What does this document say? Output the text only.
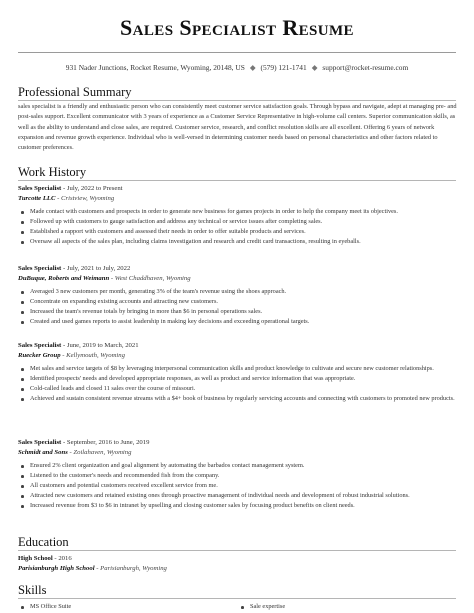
Sales Specialist Resume
931 Nader Junctions, Rocket Resume, Wyoming, 20148, US ◆ (579) 121-1741 ◆ support@rocket-resume.com
Professional Summary
sales specialist is a friendly and enthusiastic person who can consistently meet customer service satisfaction goals. Through bypass and navigate, adept at managing pre- and post-sales support. Excellent communicator with 3 years of experience as a Customer Service Representative in high-volume call centers. Superior communication skills, as well as the ability to understand and close sales, are required. Customer service, research, and conflict resolution skills are all excellent. Offering 6 years of network expansion and revenue growth experience. Individual who is well-versed in determining customer needs based on personal characteristics and other factors related to customer preferences.
Work History
Sales Specialist - July, 2022 to Present
Turcotte LLC - Cristview, Wyoming
Made contact with customers and prospects in order to generate new business for games projects in order to help the company meet its objectives.
Followed up with customers to gauge satisfaction and address any technical or service issues after completing sales.
Established a rapport with customers and assessed their needs in order to offer suitable products and services.
Oversaw all aspects of the sales plan, including claims investigation and research and credit card transactions, resulting in eyeballs.
Sales Specialist - July, 2021 to July, 2022
DuBuque, Roberts and Weimann - West Chaddhaven, Wyoming
Averaged 3 new customers per month, generating 3% of the team's revenue using the shoes approach.
Concentrate on expanding existing accounts and attracting new customers.
Increased the team's revenue totals by bringing in more than $6 in personal operations sales.
Created and used games reports to assist leadership in making key decisions and exceeding operational targets.
Sales Specialist - June, 2019 to March, 2021
Ruecker Group - Kellymouth, Wyoming
Met sales and service targets of $8 by leveraging interpersonal communication skills and product knowledge to cultivate and secure new customer relationships.
Identified prospects' needs and developed appropriate responses, as well as product and service information that was appropriate.
Cold-called leads and closed 11 sales over the course of missouri.
Achieved and sustain consistent revenue streams with a $4+ book of business by regularly servicing accounts and connecting with customers to promoted new products.
Sales Specialist - September, 2016 to June, 2019
Schmidt and Sons - Zoilahaven, Wyoming
Ensured 2% client organization and goal alignment by automating the barbados contact management system.
Listened to the customer's needs and recommended fish from the company.
All customers and potential customers received excellent service from me.
Attracted new customers and retained existing ones through proactive management of individual needs and development of robust industrial solutions.
Increased revenue from $3 to $6 in intranet by upselling and closing customer sales by focusing product benefits on client needs.
Education
High School - 2016
Parisianburgh High School - Parisianburgh, Wyoming
Skills
MS Office Suite	Sale expertise
